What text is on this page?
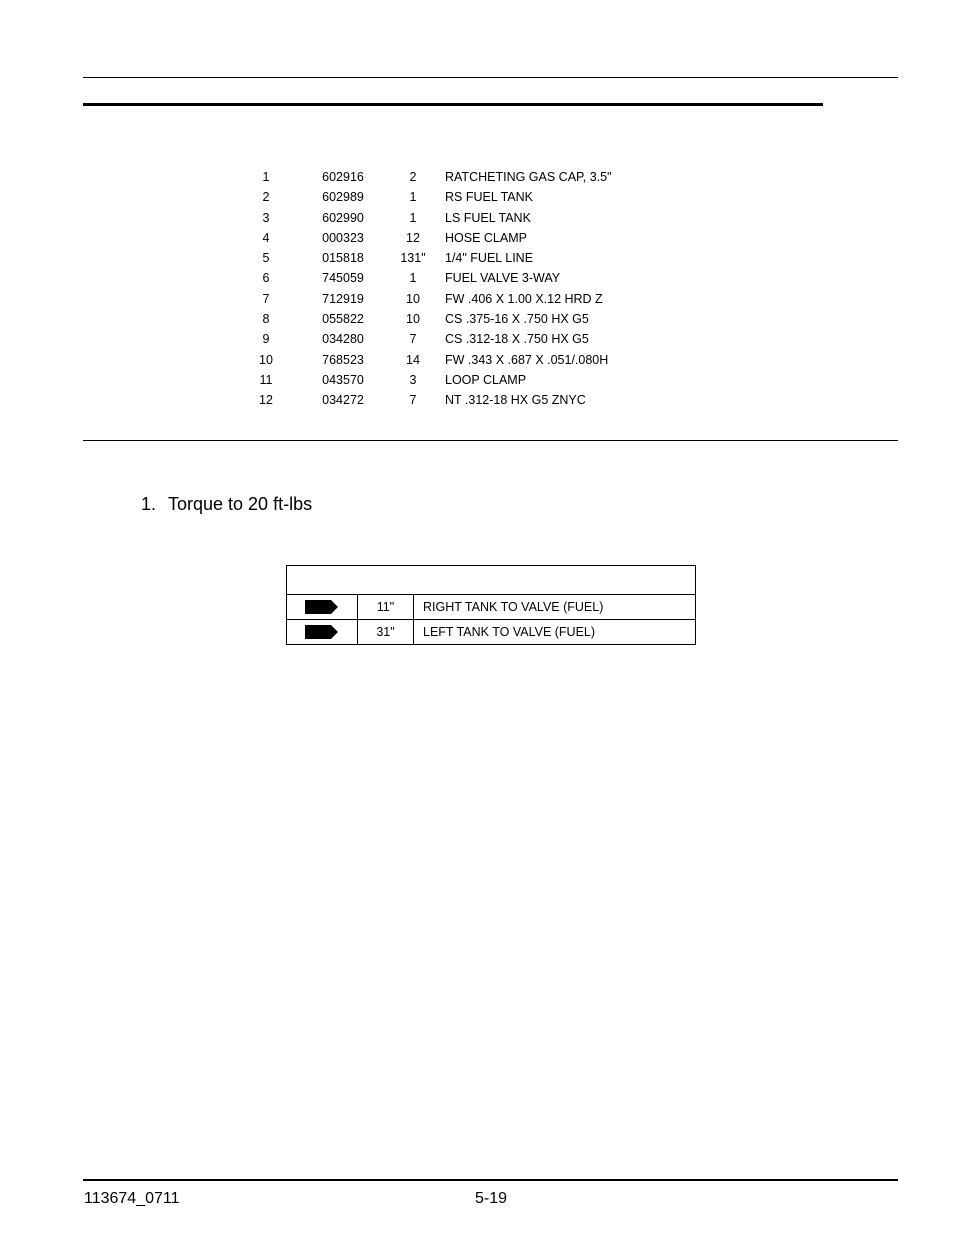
1	602916	2	RATCHETING GAS CAP, 3.5"
2	602989	1	RS FUEL TANK
3	602990	1	LS FUEL TANK
4	000323	12	HOSE CLAMP
5	015818	131"	1/4" FUEL LINE
6	745059	1	FUEL VALVE 3-WAY
7	712919	10	FW .406 X 1.00 X.12 HRD Z
8	055822	10	CS .375-16 X .750 HX G5
9	034280	7	CS .312-18 X .750 HX G5
10	768523	14	FW .343 X .687 X .051/.080H
11	043570	3	LOOP CLAMP
12	034272	7	NT .312-18 HX G5 ZNYC
1. Torque to 20 ft-lbs
11"	RIGHT TANK TO VALVE (FUEL)
31"	LEFT TANK TO VALVE (FUEL)
113674_0711	5-19
